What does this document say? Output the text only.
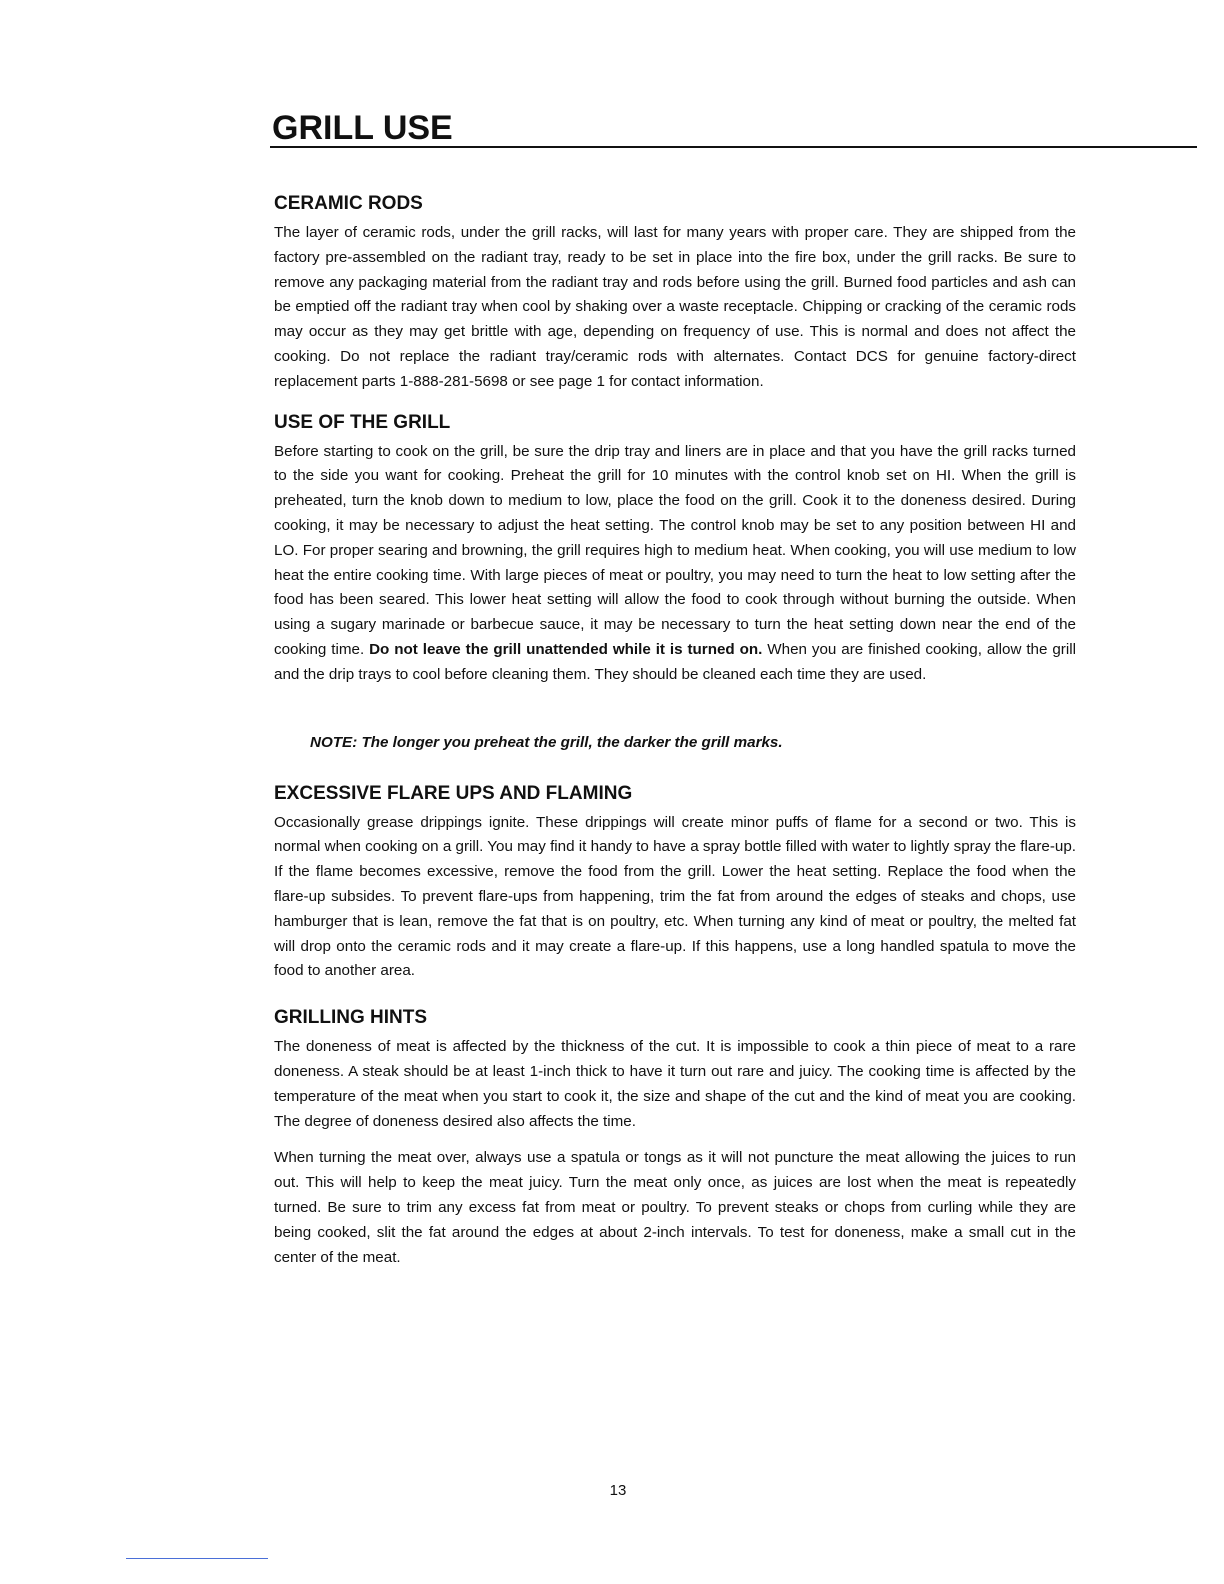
GRILL USE
CERAMIC RODS

The layer of ceramic rods, under the grill racks, will last for many years with proper care. They are shipped from the factory pre-assembled on the radiant tray, ready to be set in place into the fire box, under the grill racks. Be sure to remove any packaging material from the radiant tray and rods before using the grill. Burned food particles and ash can be emptied off the radiant tray when cool by shaking over a waste receptacle. Chipping or cracking of the ceramic rods may occur as they may get brittle with age, depending on frequency of use. This is normal and does not affect the cooking. Do not replace the radiant tray/ceramic rods with alternates. Contact DCS for genuine factory-direct replacement parts 1-888-281-5698 or see page 1 for contact information.

USE OF THE GRILL

Before starting to cook on the grill, be sure the drip tray and liners are in place and that you have the grill racks turned to the side you want for cooking. Preheat the grill for 10 minutes with the control knob set on HI. When the grill is preheated, turn the knob down to medium to low, place the food on the grill. Cook it to the doneness desired. During cooking, it may be necessary to adjust the heat setting. The control knob may be set to any position between HI and LO. For proper searing and browning, the grill requires high to medium heat. When cooking, you will use medium to low heat the entire cooking time. With large pieces of meat or poultry, you may need to turn the heat to low setting after the food has been seared. This lower heat setting will allow the food to cook through without burning the outside. When using a sugary marinade or barbecue sauce, it may be necessary to turn the heat setting down near the end of the cooking time. Do not leave the grill unattended while it is turned on. When you are finished cooking, allow the grill and the drip trays to cool before cleaning them. They should be cleaned each time they are used.

NOTE: The longer you preheat the grill, the darker the grill marks.

EXCESSIVE FLARE UPS AND FLAMING

Occasionally grease drippings ignite. These drippings will create minor puffs of flame for a second or two. This is normal when cooking on a grill. You may find it handy to have a spray bottle filled with water to lightly spray the flare-up. If the flame becomes excessive, remove the food from the grill. Lower the heat setting. Replace the food when the flare-up subsides. To prevent flare-ups from happening, trim the fat from around the edges of steaks and chops, use hamburger that is lean, remove the fat that is on poultry, etc. When turning any kind of meat or poultry, the melted fat will drop onto the ceramic rods and it may create a flare-up. If this happens, use a long handled spatula to move the food to another area.

GRILLING HINTS

The doneness of meat is affected by the thickness of the cut. It is impossible to cook a thin piece of meat to a rare doneness. A steak should be at least 1-inch thick to have it turn out rare and juicy. The cooking time is affected by the temperature of the meat when you start to cook it, the size and shape of the cut and the kind of meat you are cooking. The degree of doneness desired also affects the time.

When turning the meat over, always use a spatula or tongs as it will not puncture the meat allowing the juices to run out. This will help to keep the meat juicy. Turn the meat only once, as juices are lost when the meat is repeatedly turned. Be sure to trim any excess fat from meat or poultry. To prevent steaks or chops from curling while they are being cooked, slit the fat around the edges at about 2-inch intervals. To test for doneness, make a small cut in the center of the meat.

13
